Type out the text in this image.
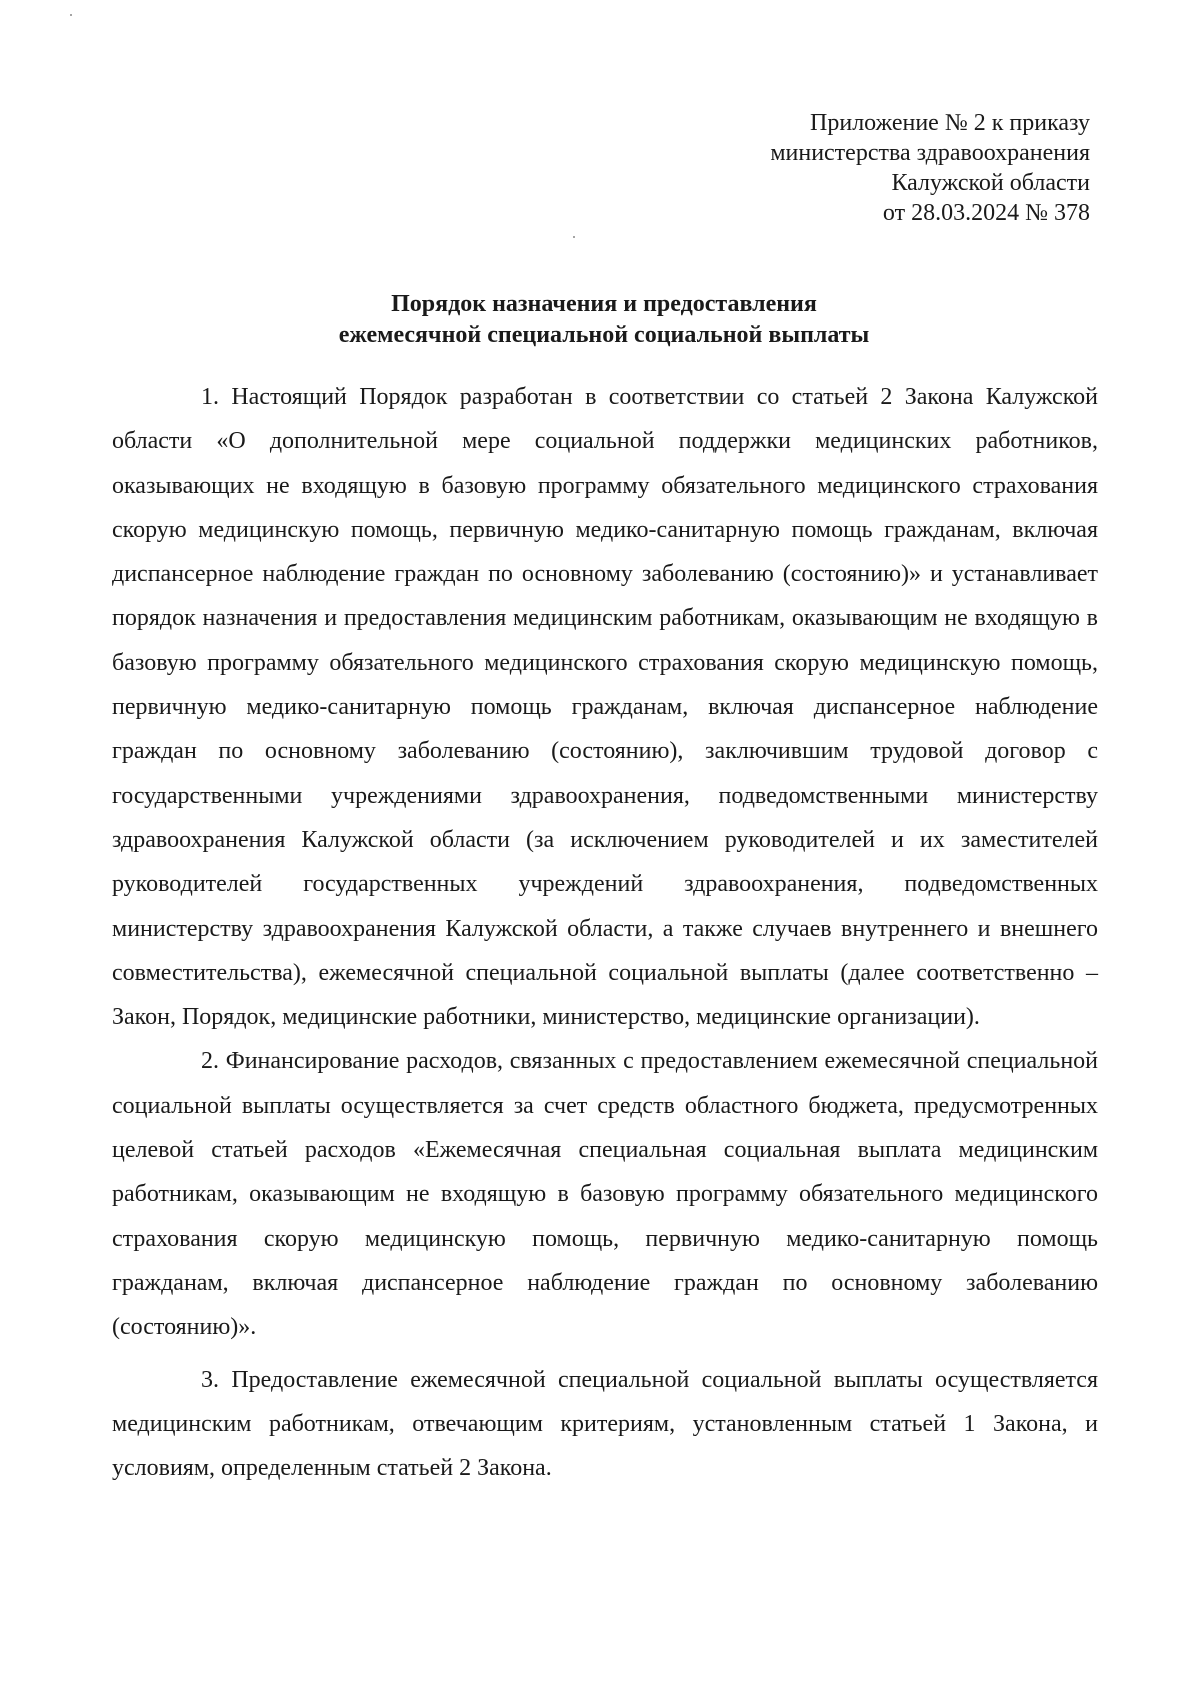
Приложение № 2 к приказу
министерства здравоохранения
Калужской области
от 28.03.2024 № 378
Порядок назначения и предоставления
ежемесячной специальной социальной выплаты

1. Настоящий Порядок разработан в соответствии со статьей 2 Закона Калужской области «О дополнительной мере социальной поддержки медицинских работников, оказывающих не входящую в базовую программу обязательного медицинского страхования скорую медицинскую помощь, первичную медико-санитарную помощь гражданам, включая диспансерное наблюдение граждан по основному заболеванию (состоянию)» и устанавливает порядок назначения и предоставления медицинским работникам, оказывающим не входящую в базовую программу обязательного медицинского страхования скорую медицинскую помощь, первичную медико-санитарную помощь гражданам, включая диспансерное наблюдение граждан по основному заболеванию (состоянию), заключившим трудовой договор с государственными учреждениями здравоохранения, подведомственными министерству здравоохранения Калужской области (за исключением руководителей и их заместителей руководителей государственных учреждений здравоохранения, подведомственных министерству здравоохранения Калужской области, а также случаев внутреннего и внешнего совместительства), ежемесячной специальной социальной выплаты (далее соответственно – Закон, Порядок, медицинские работники, министерство, медицинские организации).

2. Финансирование расходов, связанных с предоставлением ежемесячной специальной социальной выплаты осуществляется за счет средств областного бюджета, предусмотренных целевой статьей расходов «Ежемесячная специальная социальная выплата медицинским работникам, оказывающим не входящую в базовую программу обязательного медицинского страхования скорую медицинскую помощь, первичную медико-санитарную помощь гражданам, включая диспансерное наблюдение граждан по основному заболеванию (состоянию)».

3. Предоставление ежемесячной специальной социальной выплаты осуществляется медицинским работникам, отвечающим критериям, установленным статьей 1 Закона, и условиям, определенным статьей 2 Закона.
